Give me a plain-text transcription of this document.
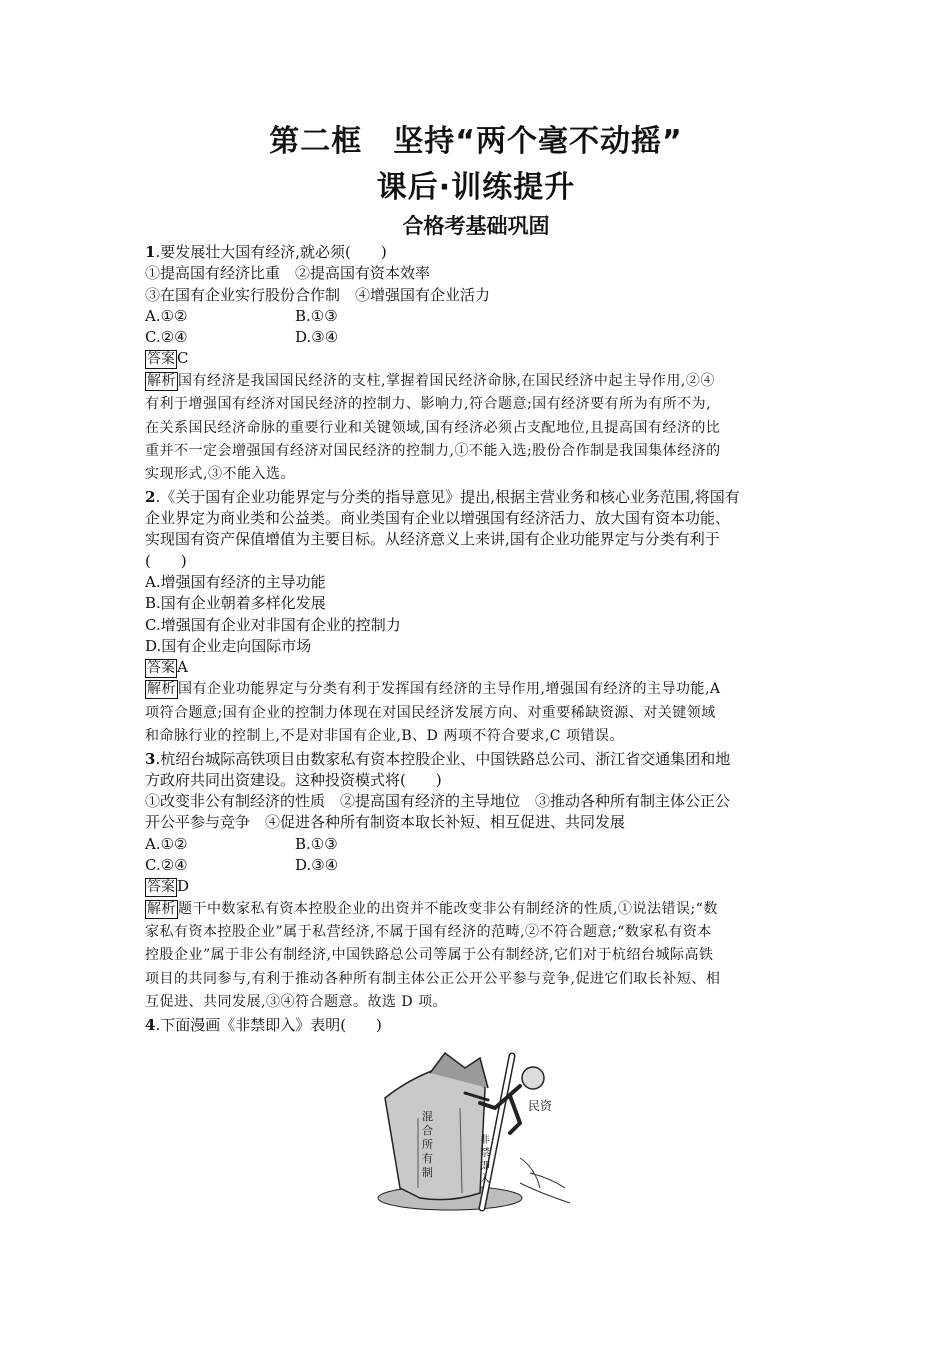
第二框　坚持“两个毫不动摇”
课后·训练提升
合格考基础巩固
1.要发展壮大国有经济,就必须(　　)
①提高国有经济比重　②提高国有资本效率
③在国有企业实行股份合作制　④增强国有企业活力
A.①②	B.①③
C.②④	D.③④
答案 C
解析 国有经济是我国国民经济的支柱,掌握着国民经济命脉,在国民经济中起主导作用,②④
有利于增强国有经济对国民经济的控制力、影响力,符合题意;国有经济要有所为有所不为,
在关系国民经济命脉的重要行业和关键领域,国有经济必须占支配地位,且提高国有经济的比
重并不一定会增强国有经济对国民经济的控制力,①不能入选;股份合作制是我国集体经济的
实现形式,③不能入选。
2.《关于国有企业功能界定与分类的指导意见》提出,根据主营业务和核心业务范围,将国有
企业界定为商业类和公益类。商业类国有企业以增强国有经济活力、放大国有资本功能、
实现国有资产保值增值为主要目标。从经济意义上来讲,国有企业功能界定与分类有利于
(　　)
A.增强国有经济的主导功能
B.国有企业朝着多样化发展
C.增强国有企业对非国有企业的控制力
D.国有企业走向国际市场
答案 A
解析 国有企业功能界定与分类有利于发挥国有经济的主导作用,增强国有经济的主导功能,A
项符合题意;国有企业的控制力体现在对国民经济发展方向、对重要稀缺资源、对关键领域
和命脉行业的控制上,不是对非国有企业,B、D 两项不符合要求,C 项错误。
3.杭绍台城际高铁项目由数家私有资本控股企业、中国铁路总公司、浙江省交通集团和地
方政府共同出资建设。这种投资模式将(　　)
①改变非公有制经济的性质　②提高国有经济的主导地位　③推动各种所有制主体公正公
开公平参与竞争　④促进各种所有制资本取长补短、相互促进、共同发展
A.①②	B.①③
C.②④	D.③④
答案 D
解析 题干中数家私有资本控股企业的出资并不能改变非公有制经济的性质,①说法错误;“数
家私有资本控股企业”属于私营经济,不属于国有经济的范畴,②不符合题意;“数家私有资本
控股企业”属于非公有制经济,中国铁路总公司等属于公有制经济,它们对于杭绍台城际高铁
项目的共同参与,有利于推动各种所有制主体公正公开公平参与竞争,促进它们取长补短、相
互促进、共同发展,③④符合题意。故选 D 项。
4.下面漫画《非禁即入》表明(　　)
混 合 所 有 制
非 禁 即 入
民资
